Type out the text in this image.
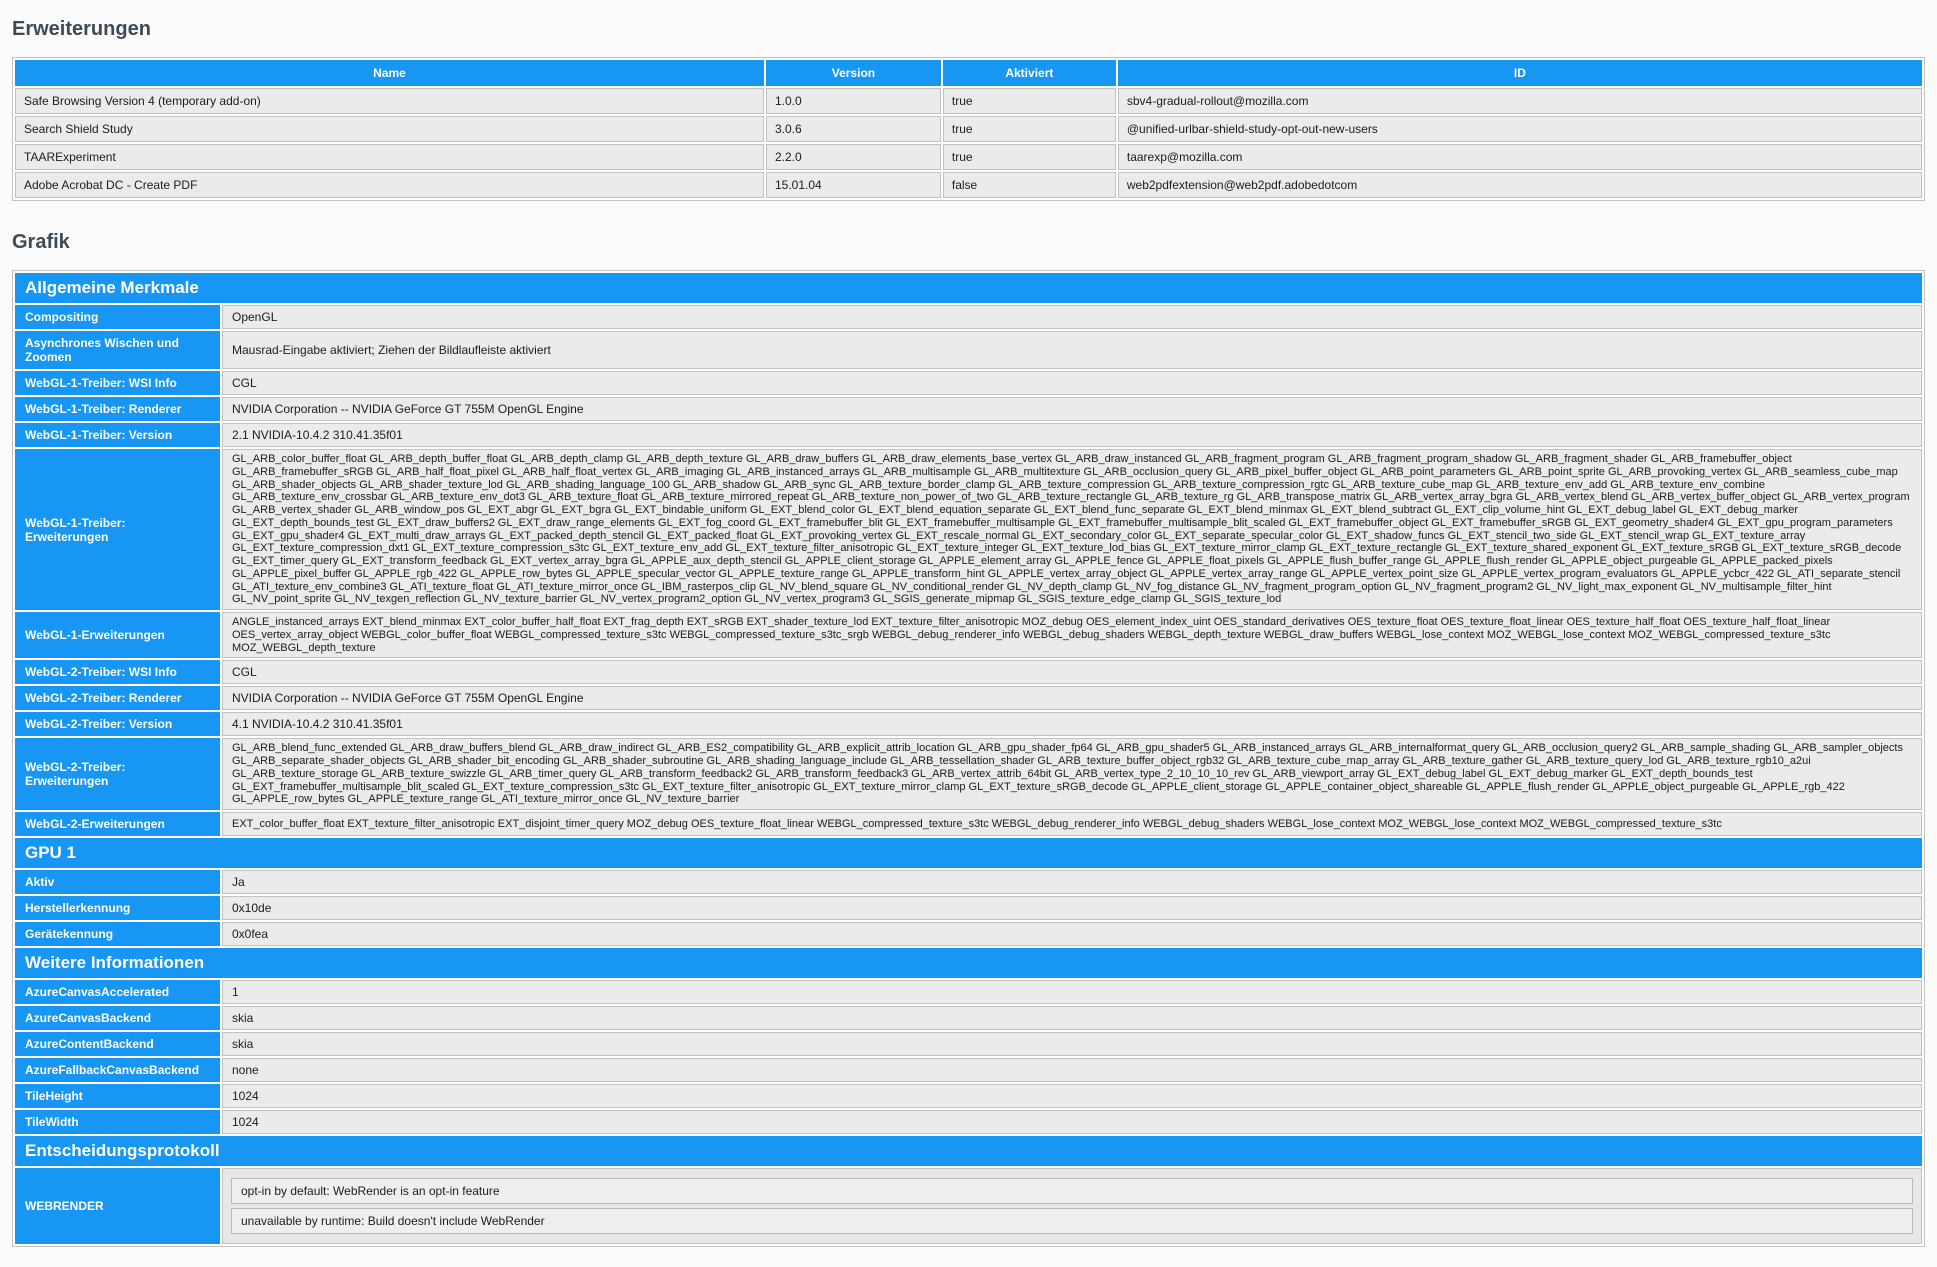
Erweiterungen
Name	Version	Aktiviert	ID
Safe Browsing Version 4 (temporary add-on)	1.0.0	true	sbv4-gradual-rollout@mozilla.com
Search Shield Study	3.0.6	true	@unified-urlbar-shield-study-opt-out-new-users
TAARExperiment	2.2.0	true	taarexp@mozilla.com
Adobe Acrobat DC - Create PDF	15.01.04	false	web2pdfextension@web2pdf.adobedotcom
Grafik
Allgemeine Merkmale	
Compositing	OpenGL
Asynchrones Wischen und Zoomen	Mausrad-Eingabe aktiviert; Ziehen der Bildlaufleiste aktiviert
WebGL-1-Treiber: WSI Info	CGL
WebGL-1-Treiber: Renderer	NVIDIA Corporation -- NVIDIA GeForce GT 755M OpenGL Engine
WebGL-1-Treiber: Version	2.1 NVIDIA-10.4.2 310.41.35f01
WebGL-1-Treiber: Erweiterungen	GL_ARB_color_buffer_float GL_ARB_depth_buffer_float GL_ARB_depth_clamp GL_ARB_depth_texture GL_ARB_draw_buffers GL_ARB_draw_elements_base_vertex GL_ARB_draw_instanced GL_ARB_fragment_program GL_ARB_fragment_program_shadow GL_ARB_fragment_shader GL_ARB_framebuffer_object GL_ARB_framebuffer_sRGB GL_ARB_half_float_pixel GL_ARB_half_float_vertex GL_ARB_imaging GL_ARB_instanced_arrays GL_ARB_multisample GL_ARB_multitexture GL_ARB_occlusion_query GL_ARB_pixel_buffer_object GL_ARB_point_parameters GL_ARB_point_sprite GL_ARB_provoking_vertex GL_ARB_seamless_cube_map GL_ARB_shader_objects GL_ARB_shader_texture_lod GL_ARB_shading_language_100 GL_ARB_shadow GL_ARB_sync GL_ARB_texture_border_clamp GL_ARB_texture_compression GL_ARB_texture_compression_rgtc GL_ARB_texture_cube_map GL_ARB_texture_env_add GL_ARB_texture_env_combine GL_ARB_texture_env_crossbar GL_ARB_texture_env_dot3 GL_ARB_texture_float GL_ARB_texture_mirrored_repeat GL_ARB_texture_non_power_of_two GL_ARB_texture_rectangle GL_ARB_texture_rg GL_ARB_transpose_matrix GL_ARB_vertex_array_bgra GL_ARB_vertex_blend GL_ARB_vertex_buffer_object GL_ARB_vertex_program GL_ARB_vertex_shader GL_ARB_window_pos GL_EXT_abgr GL_EXT_bgra GL_EXT_bindable_uniform GL_EXT_blend_color GL_EXT_blend_equation_separate GL_EXT_blend_func_separate GL_EXT_blend_minmax GL_EXT_blend_subtract GL_EXT_clip_volume_hint GL_EXT_debug_label GL_EXT_debug_marker GL_EXT_depth_bounds_test GL_EXT_draw_buffers2 GL_EXT_draw_range_elements GL_EXT_fog_coord GL_EXT_framebuffer_blit GL_EXT_framebuffer_multisample GL_EXT_framebuffer_multisample_blit_scaled GL_EXT_framebuffer_object GL_EXT_framebuffer_sRGB GL_EXT_geometry_shader4 GL_EXT_gpu_program_parameters GL_EXT_gpu_shader4 GL_EXT_multi_draw_arrays GL_EXT_packed_depth_stencil GL_EXT_packed_float GL_EXT_provoking_vertex GL_EXT_rescale_normal GL_EXT_secondary_color GL_EXT_separate_specular_color GL_EXT_shadow_funcs GL_EXT_stencil_two_side GL_EXT_stencil_wrap GL_EXT_texture_array GL_EXT_texture_compression_dxt1 GL_EXT_texture_compression_s3tc GL_EXT_texture_env_add GL_EXT_texture_filter_anisotropic GL_EXT_texture_integer GL_EXT_texture_lod_bias GL_EXT_texture_mirror_clamp GL_EXT_texture_rectangle GL_EXT_texture_shared_exponent GL_EXT_texture_sRGB GL_EXT_texture_sRGB_decode GL_EXT_timer_query GL_EXT_transform_feedback GL_EXT_vertex_array_bgra GL_APPLE_aux_depth_stencil GL_APPLE_client_storage GL_APPLE_element_array GL_APPLE_fence GL_APPLE_float_pixels GL_APPLE_flush_buffer_range GL_APPLE_flush_render GL_APPLE_object_purgeable GL_APPLE_packed_pixels GL_APPLE_pixel_buffer GL_APPLE_rgb_422 GL_APPLE_row_bytes GL_APPLE_specular_vector GL_APPLE_texture_range GL_APPLE_transform_hint GL_APPLE_vertex_array_object GL_APPLE_vertex_array_range GL_APPLE_vertex_point_size GL_APPLE_vertex_program_evaluators GL_APPLE_ycbcr_422 GL_ATI_separate_stencil GL_ATI_texture_env_combine3 GL_ATI_texture_float GL_ATI_texture_mirror_once GL_IBM_rasterpos_clip GL_NV_blend_square GL_NV_conditional_render GL_NV_depth_clamp GL_NV_fog_distance GL_NV_fragment_program_option GL_NV_fragment_program2 GL_NV_light_max_exponent GL_NV_multisample_filter_hint GL_NV_point_sprite GL_NV_texgen_reflection GL_NV_texture_barrier GL_NV_vertex_program2_option GL_NV_vertex_program3 GL_SGIS_generate_mipmap GL_SGIS_texture_edge_clamp GL_SGIS_texture_lod
WebGL-1-Erweiterungen	ANGLE_instanced_arrays EXT_blend_minmax EXT_color_buffer_half_float EXT_frag_depth EXT_sRGB EXT_shader_texture_lod EXT_texture_filter_anisotropic MOZ_debug OES_element_index_uint OES_standard_derivatives OES_texture_float OES_texture_float_linear OES_texture_half_float OES_texture_half_float_linear OES_vertex_array_object WEBGL_color_buffer_float WEBGL_compressed_texture_s3tc WEBGL_compressed_texture_s3tc_srgb WEBGL_debug_renderer_info WEBGL_debug_shaders WEBGL_depth_texture WEBGL_draw_buffers WEBGL_lose_context MOZ_WEBGL_lose_context MOZ_WEBGL_compressed_texture_s3tc MOZ_WEBGL_depth_texture
WebGL-2-Treiber: WSI Info	CGL
WebGL-2-Treiber: Renderer	NVIDIA Corporation -- NVIDIA GeForce GT 755M OpenGL Engine
WebGL-2-Treiber: Version	4.1 NVIDIA-10.4.2 310.41.35f01
WebGL-2-Treiber: Erweiterungen	GL_ARB_blend_func_extended GL_ARB_draw_buffers_blend GL_ARB_draw_indirect GL_ARB_ES2_compatibility GL_ARB_explicit_attrib_location GL_ARB_gpu_shader_fp64 GL_ARB_gpu_shader5 GL_ARB_instanced_arrays GL_ARB_internalformat_query GL_ARB_occlusion_query2 GL_ARB_sample_shading GL_ARB_sampler_objects GL_ARB_separate_shader_objects GL_ARB_shader_bit_encoding GL_ARB_shader_subroutine GL_ARB_shading_language_include GL_ARB_tessellation_shader GL_ARB_texture_buffer_object_rgb32 GL_ARB_texture_cube_map_array GL_ARB_texture_gather GL_ARB_texture_query_lod GL_ARB_texture_rgb10_a2ui GL_ARB_texture_storage GL_ARB_texture_swizzle GL_ARB_timer_query GL_ARB_transform_feedback2 GL_ARB_transform_feedback3 GL_ARB_vertex_attrib_64bit GL_ARB_vertex_type_2_10_10_10_rev GL_ARB_viewport_array GL_EXT_debug_label GL_EXT_debug_marker GL_EXT_depth_bounds_test GL_EXT_framebuffer_multisample_blit_scaled GL_EXT_texture_compression_s3tc GL_EXT_texture_filter_anisotropic GL_EXT_texture_mirror_clamp GL_EXT_texture_sRGB_decode GL_APPLE_client_storage GL_APPLE_container_object_shareable GL_APPLE_flush_render GL_APPLE_object_purgeable GL_APPLE_rgb_422 GL_APPLE_row_bytes GL_APPLE_texture_range GL_ATI_texture_mirror_once GL_NV_texture_barrier
WebGL-2-Erweiterungen	EXT_color_buffer_float EXT_texture_filter_anisotropic EXT_disjoint_timer_query MOZ_debug OES_texture_float_linear WEBGL_compressed_texture_s3tc WEBGL_debug_renderer_info WEBGL_debug_shaders WEBGL_lose_context MOZ_WEBGL_lose_context MOZ_WEBGL_compressed_texture_s3tc
GPU 1	
Aktiv	Ja
Herstellerkennung	0x10de
Gerätekennung	0x0fea
Weitere Informationen	
AzureCanvasAccelerated	1
AzureCanvasBackend	skia
AzureContentBackend	skia
AzureFallbackCanvasBackend	none
TileHeight	1024
TileWidth	1024
Entscheidungsprotokoll	
WEBRENDER	opt-in by default: WebRender is an opt-in feature
unavailable by runtime: Build doesn't include WebRender
